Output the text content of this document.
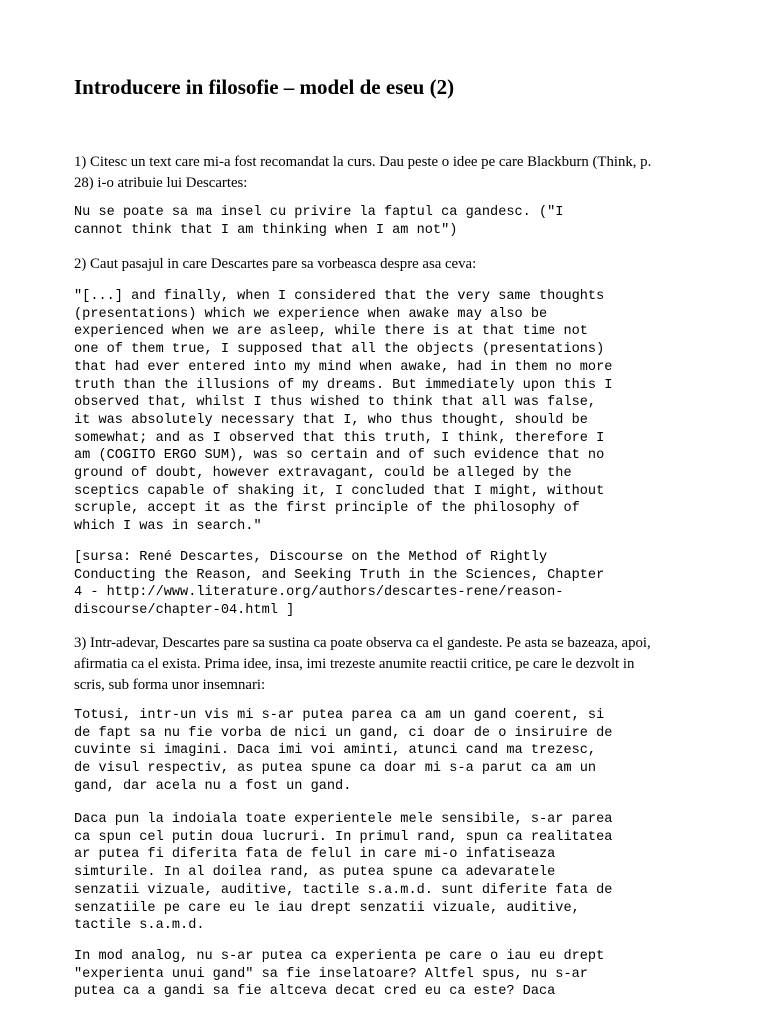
Introducere in filosofie – model de eseu (2)

1) Citesc un text care mi-a fost recomandat la curs. Dau peste o idee pe care Blackburn (Think, p.
28) i-o atribuie lui Descartes:

Nu se poate sa ma insel cu privire la faptul ca gandesc. ("I
cannot think that I am thinking when I am not")

2) Caut pasajul in care Descartes pare sa vorbeasca despre asa ceva:

"[...] and finally, when I considered that the very same thoughts
(presentations) which we experience when awake may also be
experienced when we are asleep, while there is at that time not
one of them true, I supposed that all the objects (presentations)
that had ever entered into my mind when awake, had in them no more
truth than the illusions of my dreams. But immediately upon this I
observed that, whilst I thus wished to think that all was false,
it was absolutely necessary that I, who thus thought, should be
somewhat; and as I observed that this truth, I think, therefore I
am (COGITO ERGO SUM), was so certain and of such evidence that no
ground of doubt, however extravagant, could be alleged by the
sceptics capable of shaking it, I concluded that I might, without
scruple, accept it as the first principle of the philosophy of
which I was in search."

[sursa: René Descartes, Discourse on the Method of Rightly
Conducting the Reason, and Seeking Truth in the Sciences, Chapter
4 - http://www.literature.org/authors/descartes-rene/reason-
discourse/chapter-04.html ]

3) Intr-adevar, Descartes pare sa sustina ca poate observa ca el gandeste. Pe asta se bazeaza, apoi,
afirmatia ca el exista. Prima idee, insa, imi trezeste anumite reactii critice, pe care le dezvolt in
scris, sub forma unor insemnari:

Totusi, intr-un vis mi s-ar putea parea ca am un gand coerent, si
de fapt sa nu fie vorba de nici un gand, ci doar de o insiruire de
cuvinte si imagini. Daca imi voi aminti, atunci cand ma trezesc,
de visul respectiv, as putea spune ca doar mi s-a parut ca am un
gand, dar acela nu a fost un gand.

Daca pun la indoiala toate experientele mele sensibile, s-ar parea
ca spun cel putin doua lucruri. In primul rand, spun ca realitatea
ar putea fi diferita fata de felul in care mi-o infatiseaza
simturile. In al doilea rand, as putea spune ca adevaratele
senzatii vizuale, auditive, tactile s.a.m.d. sunt diferite fata de
senzatiile pe care eu le iau drept senzatii vizuale, auditive,
tactile s.a.m.d.

In mod analog, nu s-ar putea ca experienta pe care o iau eu drept
"experienta unui gand" sa fie inselatoare? Altfel spus, nu s-ar
putea ca a gandi sa fie altceva decat cred eu ca este? Daca
